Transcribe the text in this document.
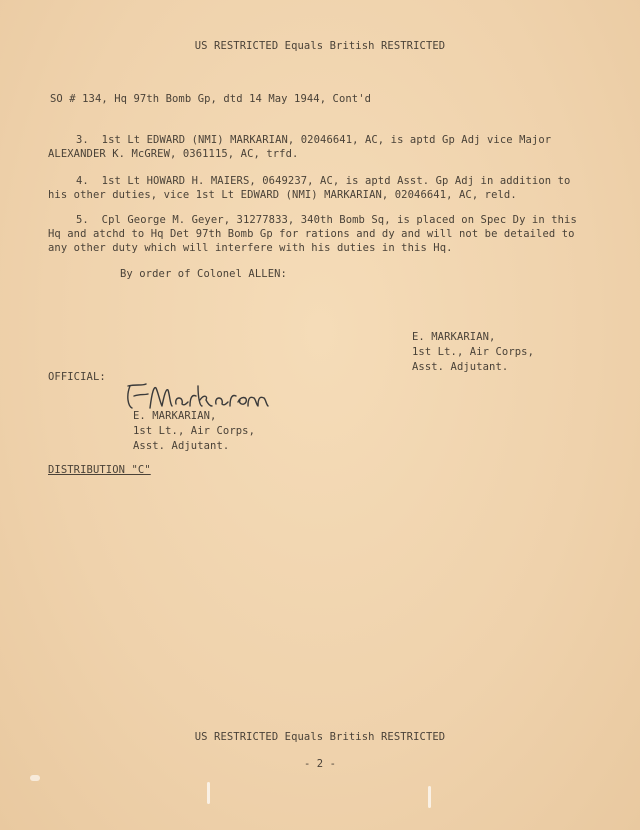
US RESTRICTED Equals British RESTRICTED
SO # 134, Hq 97th Bomb Gp, dtd 14 May 1944, Cont'd
3.  1st Lt EDWARD (NMI) MARKARIAN, 02046641, AC, is aptd Gp Adj vice Major
ALEXANDER K. McGREW, 0361115, AC, trfd.
4.  1st Lt HOWARD H. MAIERS, 0649237, AC, is aptd Asst. Gp Adj in addition to
his other duties, vice 1st Lt EDWARD (NMI) MARKARIAN, 02046641, AC, reld.
5.  Cpl George M. Geyer, 31277833, 340th Bomb Sq, is placed on Spec Dy in this
Hq and atchd to Hq Det 97th Bomb Gp for rations and dy and will not be detailed to
any other duty which will interfere with his duties in this Hq.
By order of Colonel ALLEN:
E. MARKARIAN,
1st Lt., Air Corps,
Asst. Adjutant.
OFFICIAL:
E. MARKARIAN,
1st Lt., Air Corps,
Asst. Adjutant.
DISTRIBUTION "C"
US RESTRICTED Equals British RESTRICTED
- 2 -
